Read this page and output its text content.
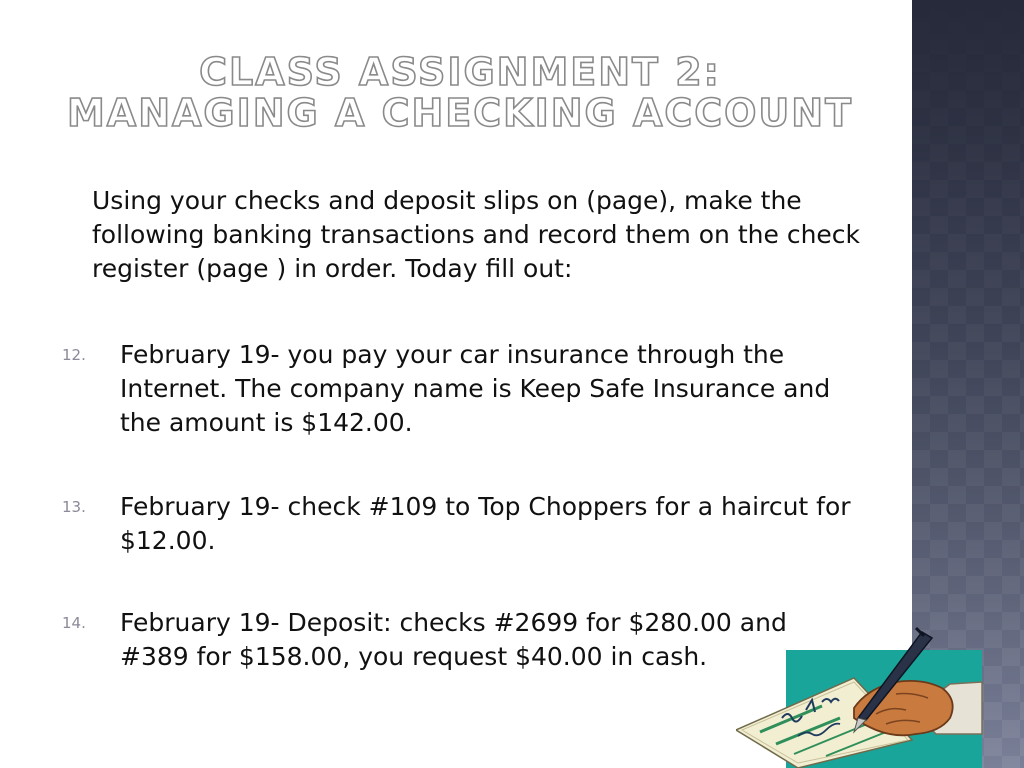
CLASS ASSIGNMENT 2:
MANAGING A CHECKING ACCOUNT
Using your checks and deposit slips on (page), make the following banking transactions and record them on the check register (page ) in order. Today fill out:
12. February 19- you pay your car insurance through the Internet. The company name is Keep Safe Insurance and the amount is $142.00.
13. February 19- check #109 to Top Choppers for a haircut for $12.00.
14. February 19- Deposit: checks #2699 for $280.00 and #389 for $158.00, you request $40.00 in cash.
